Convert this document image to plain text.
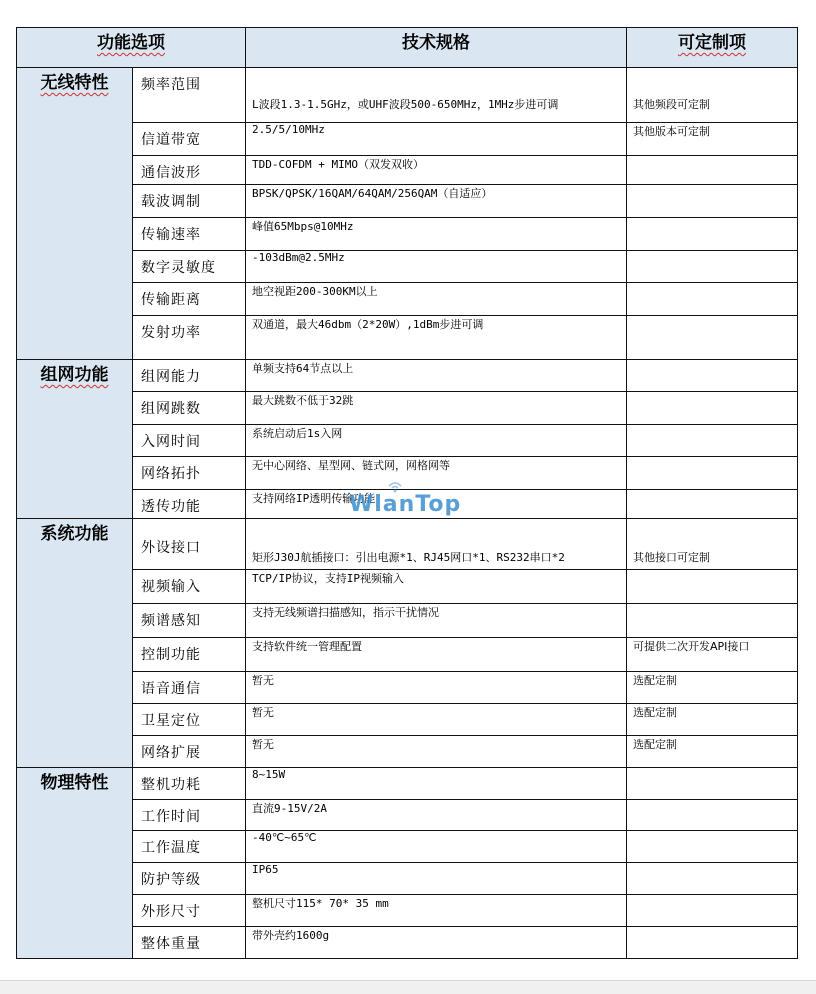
功能选项		技术规格	可定制项
无线特性	频率范围	L波段1.3-1.5GHz，或UHF波段500-650MHz，1MHz步进可调	其他频段可定制
	信道带宽	2.5/5/10MHz	其他版本可定制
	通信波形	TDD-COFDM + MIMO（双发双收）	
	载波调制	BPSK/QPSK/16QAM/64QAM/256QAM（自适应）	
	传输速率	峰值65Mbps@10MHz	
	数字灵敏度	-103dBm@2.5MHz	
	传输距离	地空视距200-300KM以上	
	发射功率	双通道，最大46dbm（2*20W）,1dBm步进可调	
组网功能	组网能力	单频支持64节点以上	
	组网跳数	最大跳数不低于32跳	
	入网时间	系统启动后1s入网	
	网络拓扑	无中心网络、星型网、链式网，网格网等	
	透传功能	支持网络IP透明传输功能	
系统功能	外设接口	矩形J30J航插接口：引出电源*1、RJ45网口*1、RS232串口*2	其他接口可定制
	视频输入	TCP/IP协议，支持IP视频输入	
	频谱感知	支持无线频谱扫描感知，指示干扰情况	
	控制功能	支持软件统一管理配置	可提供二次开发API接口
	语音通信	暂无	选配定制
	卫星定位	暂无	选配定制
	网络扩展	暂无	选配定制
物理特性	整机功耗	8~15W	
	工作时间	直流9-15V/2A	
	工作温度	-40℃~65℃	
	防护等级	IP65	
	外形尺寸	整机尺寸115* 70* 35 mm	
	整体重量	带外壳约1600g	
WlanTop
